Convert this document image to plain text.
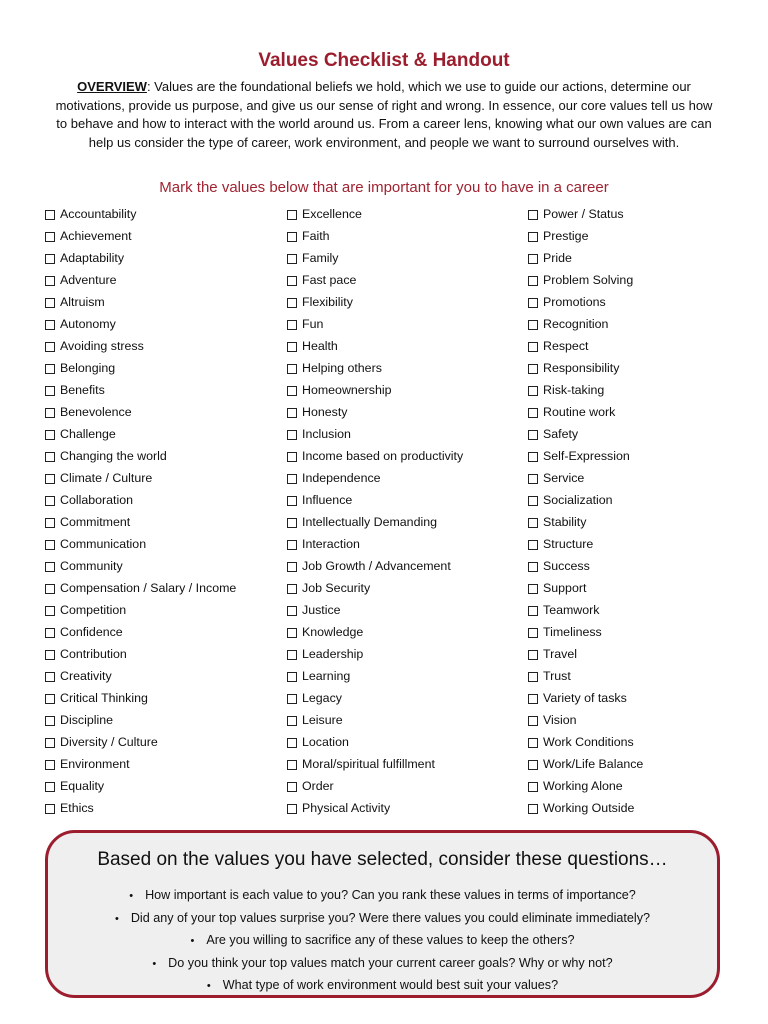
Values Checklist & Handout
OVERVIEW: Values are the foundational beliefs we hold, which we use to guide our actions, determine our motivations, provide us purpose, and give us our sense of right and wrong. In essence, our core values tell us how to behave and how to interact with the world around us. From a career lens, knowing what our own values are can help us consider the type of career, work environment, and people we want to surround ourselves with.
Mark the values below that are important for you to have in a career
Accountability
Achievement
Adaptability
Adventure
Altruism
Autonomy
Avoiding stress
Belonging
Benefits
Benevolence
Challenge
Changing the world
Climate / Culture
Collaboration
Commitment
Communication
Community
Compensation / Salary / Income
Competition
Confidence
Contribution
Creativity
Critical Thinking
Discipline
Diversity / Culture
Environment
Equality
Ethics
Excellence
Faith
Family
Fast pace
Flexibility
Fun
Health
Helping others
Homeownership
Honesty
Inclusion
Income based on productivity
Independence
Influence
Intellectually Demanding
Interaction
Job Growth / Advancement
Job Security
Justice
Knowledge
Leadership
Learning
Legacy
Leisure
Location
Moral/spiritual fulfillment
Order
Physical Activity
Power / Status
Prestige
Pride
Problem Solving
Promotions
Recognition
Respect
Responsibility
Risk-taking
Routine work
Safety
Self-Expression
Service
Socialization
Stability
Structure
Success
Support
Teamwork
Timeliness
Travel
Trust
Variety of tasks
Vision
Work Conditions
Work/Life Balance
Working Alone
Working Outside
Based on the values you have selected, consider these questions…
• How important is each value to you? Can you rank these values in terms of importance?
• Did any of your top values surprise you? Were there values you could eliminate immediately?
• Are you willing to sacrifice any of these values to keep the others?
• Do you think your top values match your current career goals? Why or why not?
• What type of work environment would best suit your values?
